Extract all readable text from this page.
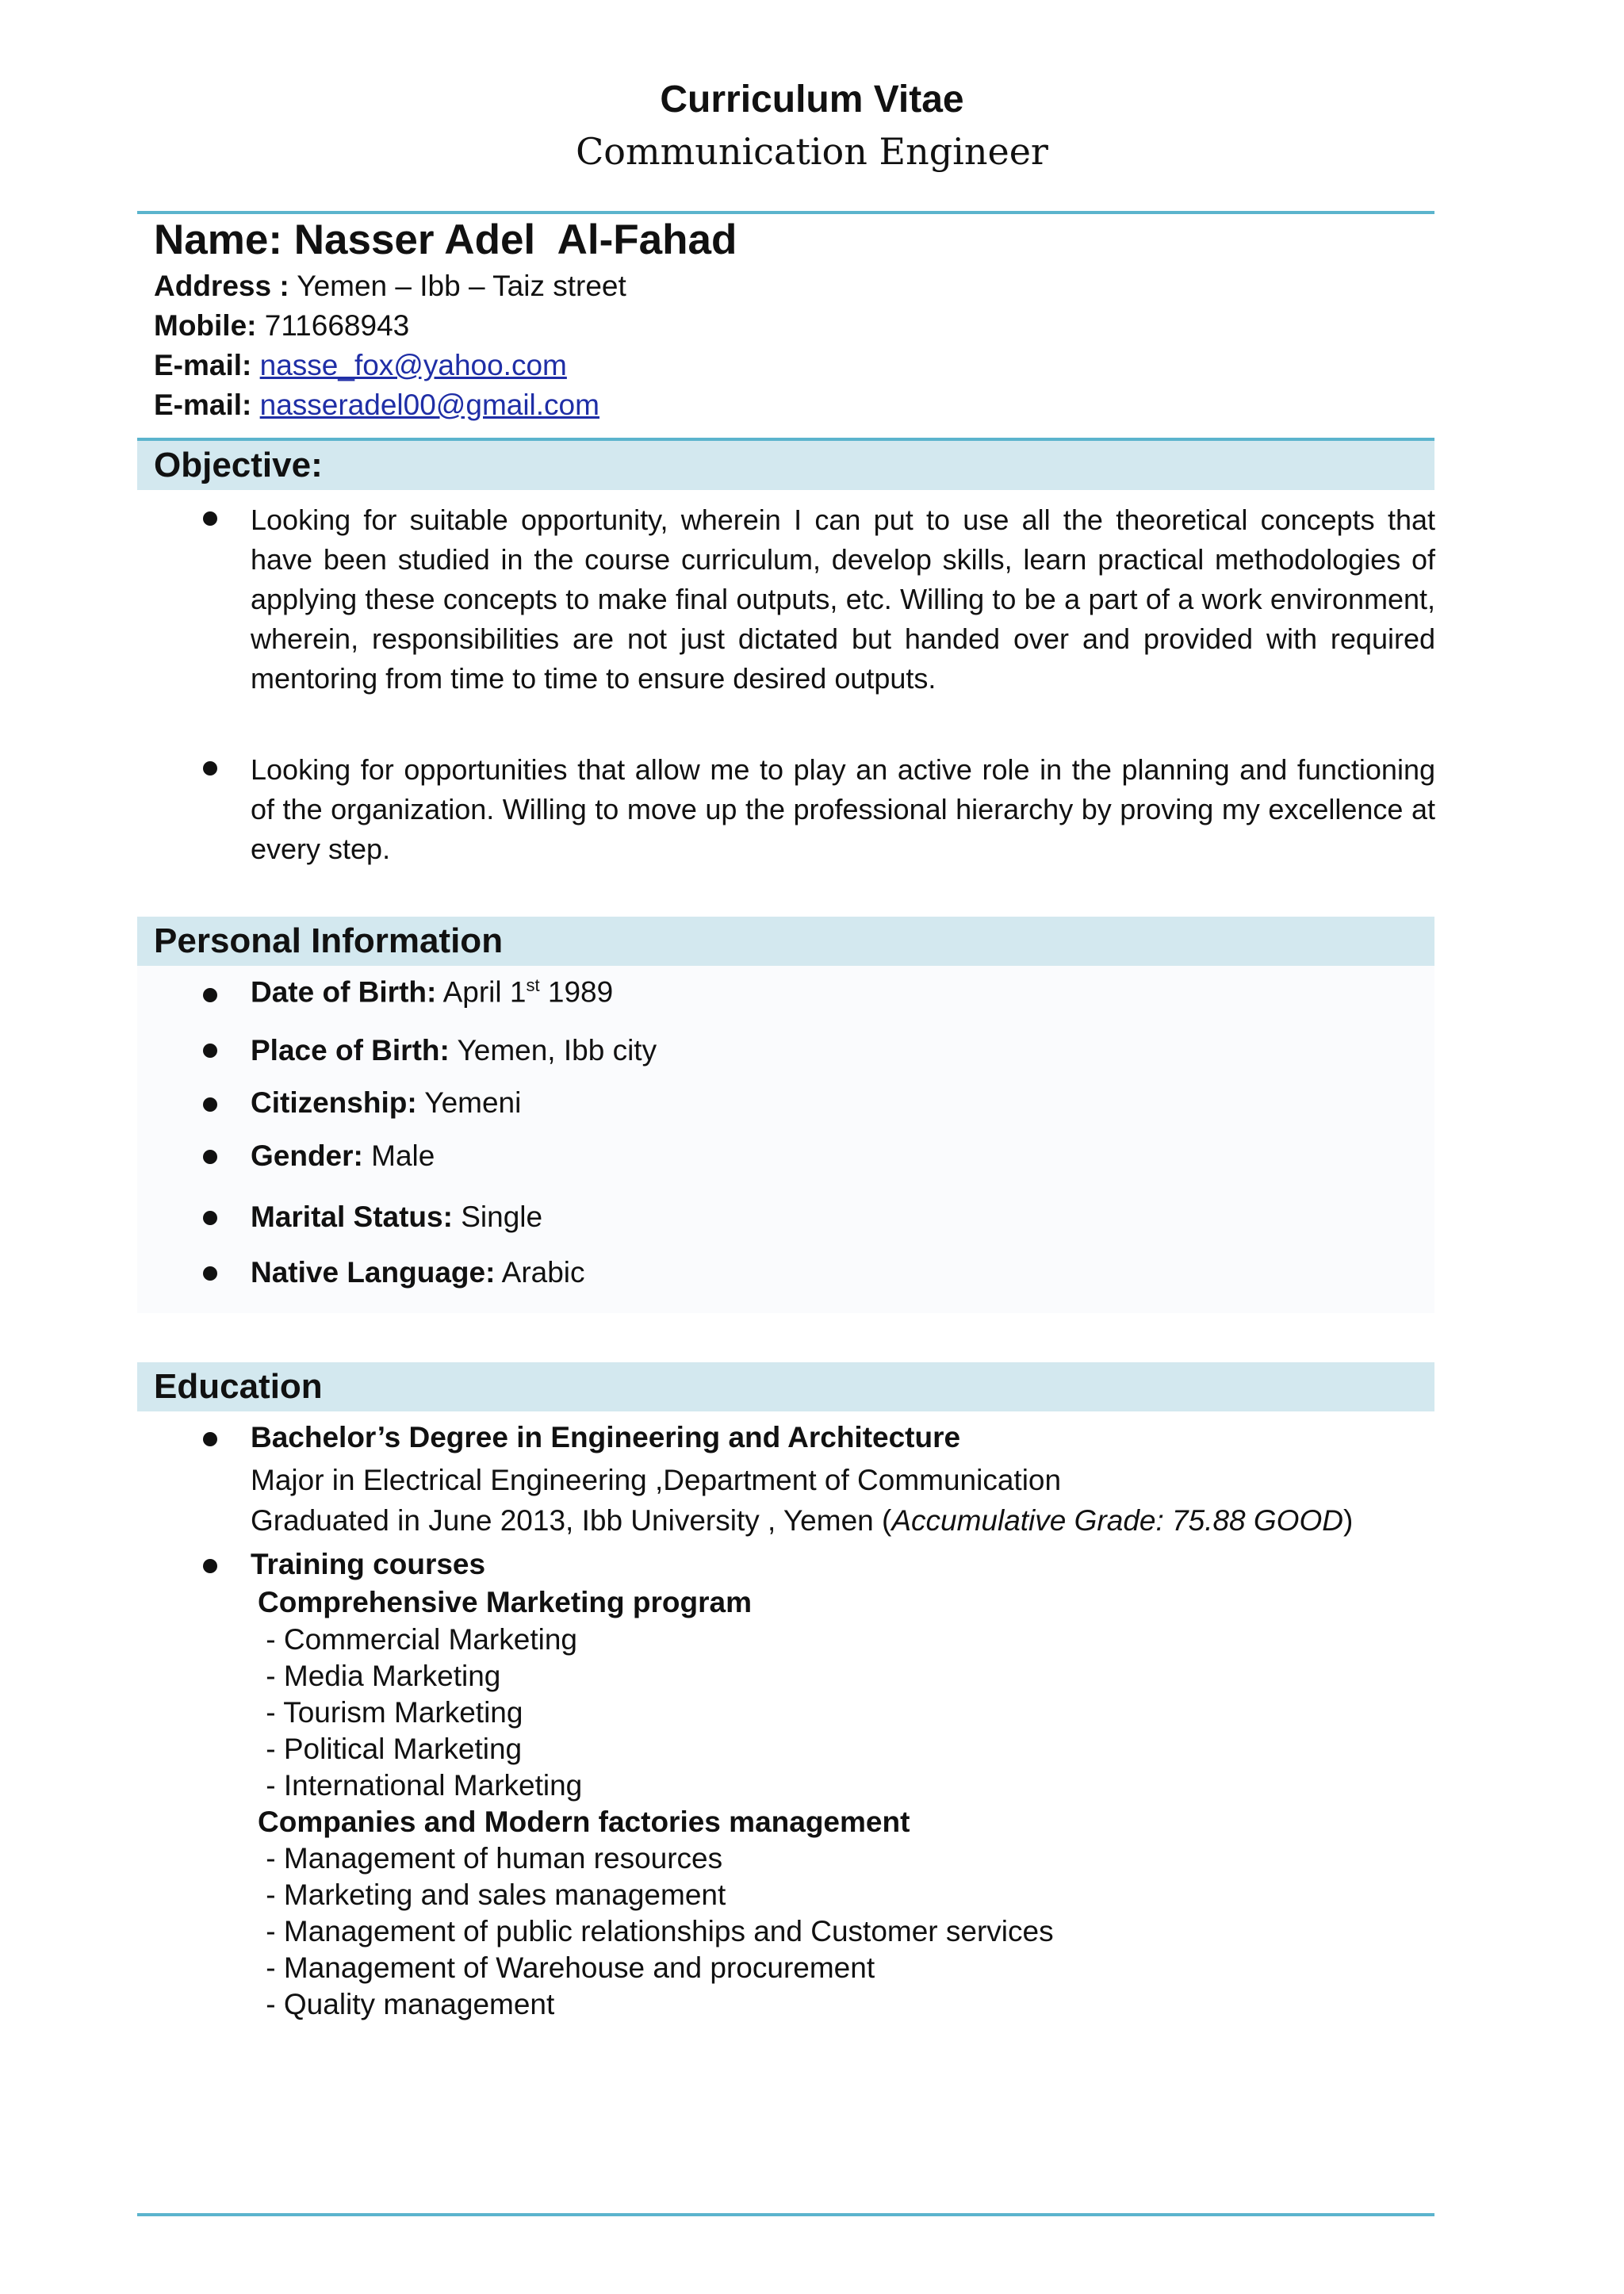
Curriculum Vitae
Communication Engineer
Name: Nasser Adel  Al-Fahad
Address : Yemen – Ibb – Taiz street
Mobile: 711668943
E-mail: nasse_fox@yahoo.com
E-mail: nasseradel00@gmail.com
Objective:
Looking for suitable opportunity, wherein I can put to use all the theoretical concepts that have been studied in the course curriculum, develop skills, learn practical methodologies of applying these concepts to make final outputs, etc. Willing to be a part of a work environment, wherein, responsibilities are not just dictated but handed over and provided with required mentoring from time to time to ensure desired outputs.
Looking for opportunities that allow me to play an active role in the planning and functioning of the organization. Willing to move up the professional hierarchy by proving my excellence at every step.
Personal Information
Date of Birth: April 1st 1989
Place of Birth: Yemen, Ibb city
Citizenship: Yemeni
Gender: Male
Marital Status: Single
Native Language: Arabic
Education
Bachelor’s Degree in Engineering and Architecture
Major in Electrical Engineering ,Department of Communication
Graduated in June 2013, Ibb University , Yemen (Accumulative Grade: 75.88 GOOD)
Training courses
Comprehensive Marketing program
- Commercial Marketing
- Media Marketing
- Tourism Marketing
- Political Marketing
- International Marketing
Companies and Modern factories management
- Management of human resources
- Marketing and sales management
- Management of public relationships and Customer services
- Management of Warehouse and procurement
- Quality management
